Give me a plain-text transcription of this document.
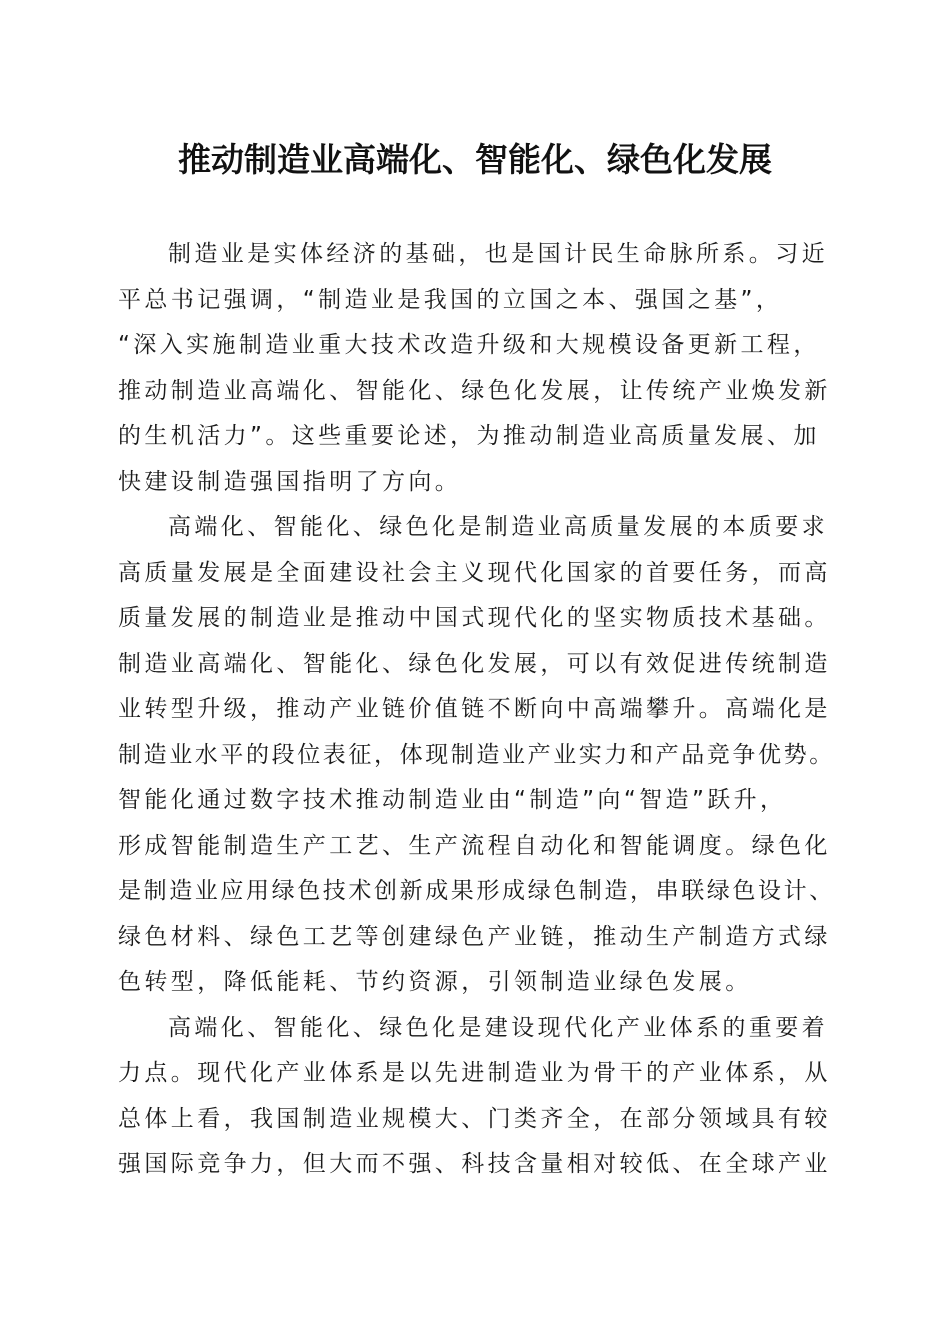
推动制造业高端化、智能化、绿色化发展
制造业是实体经济的基础，也是国计民生命脉所系。习近
平总书记强调，“制造业是我国的立国之本、强国之基”，
“深入实施制造业重大技术改造升级和大规模设备更新工程，
推动制造业高端化、智能化、绿色化发展，让传统产业焕发新
的生机活力”。这些重要论述，为推动制造业高质量发展、加
快建设制造强国指明了方向。
高端化、智能化、绿色化是制造业高质量发展的本质要求
高质量发展是全面建设社会主义现代化国家的首要任务，而高
质量发展的制造业是推动中国式现代化的坚实物质技术基础。
制造业高端化、智能化、绿色化发展，可以有效促进传统制造
业转型升级，推动产业链价值链不断向中高端攀升。高端化是
制造业水平的段位表征，体现制造业产业实力和产品竞争优势。
智能化通过数字技术推动制造业由“制造”向“智造”跃升，
形成智能制造生产工艺、生产流程自动化和智能调度。绿色化
是制造业应用绿色技术创新成果形成绿色制造，串联绿色设计、
绿色材料、绿色工艺等创建绿色产业链，推动生产制造方式绿
色转型，降低能耗、节约资源，引领制造业绿色发展。
高端化、智能化、绿色化是建设现代化产业体系的重要着
力点。现代化产业体系是以先进制造业为骨干的产业体系，从
总体上看，我国制造业规模大、门类齐全，在部分领域具有较
强国际竞争力，但大而不强、科技含量相对较低、在全球产业
